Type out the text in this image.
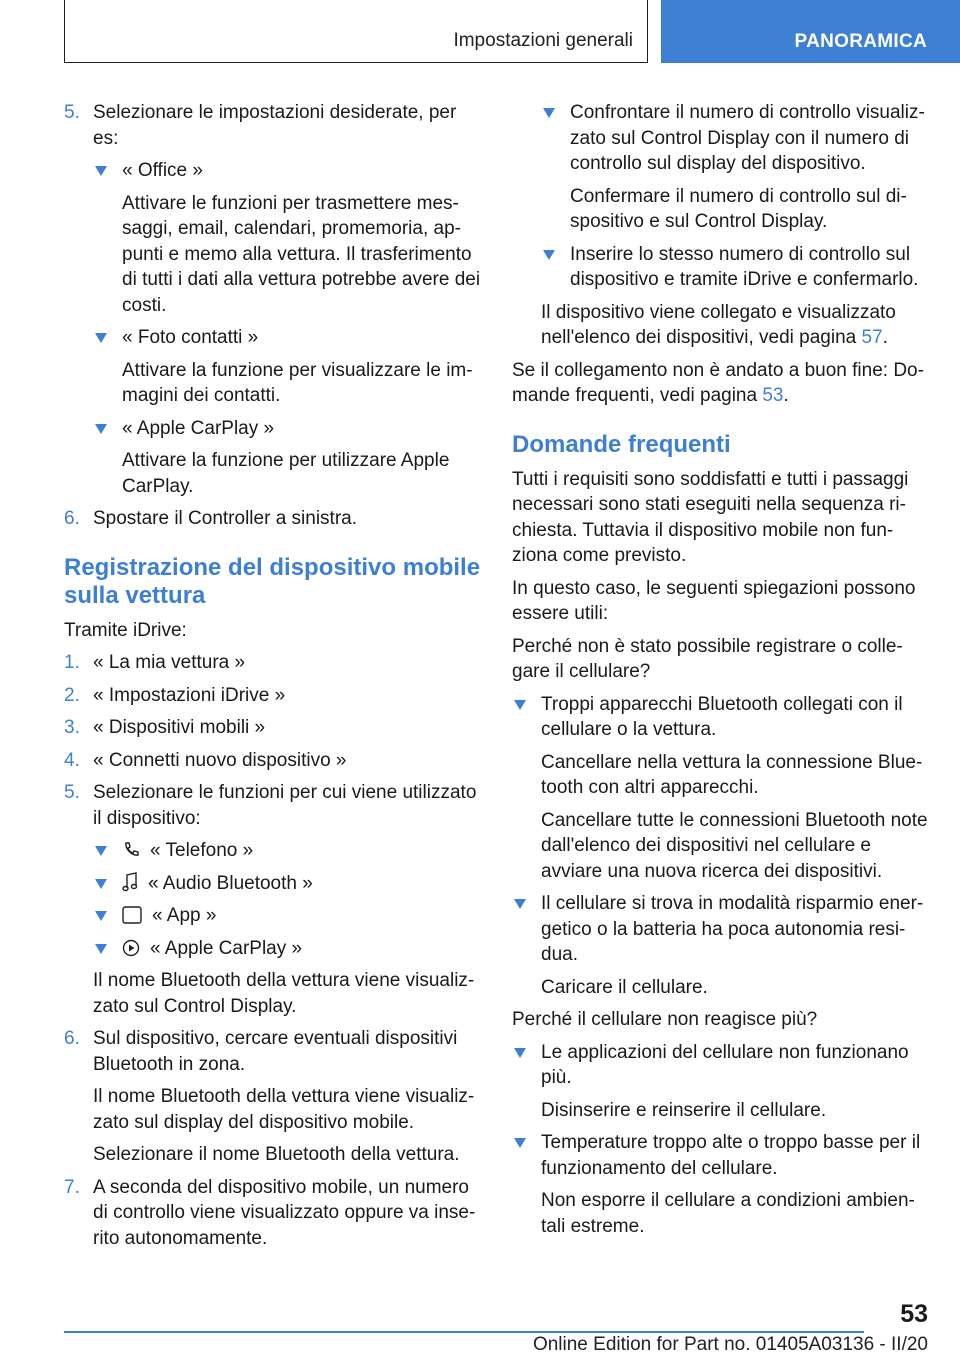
Impostazioni generali	PANORAMICA
5. Selezionare le impostazioni desiderate, per es:
« Office »
Attivare le funzioni per trasmettere mes-saggi, email, calendari, promemoria, ap-punti e memo alla vettura. Il trasferimento di tutti i dati alla vettura potrebbe avere dei costi.
« Foto contatti »
Attivare la funzione per visualizzare le im-magini dei contatti.
« Apple CarPlay »
Attivare la funzione per utilizzare Apple CarPlay.
6. Spostare il Controller a sinistra.
Registrazione del dispositivo mobile sulla vettura
Tramite iDrive:
1. « La mia vettura »
2. « Impostazioni iDrive »
3. « Dispositivi mobili »
4. « Connetti nuovo dispositivo »
5. Selezionare le funzioni per cui viene utilizzato il dispositivo:
« Telefono »
« Audio Bluetooth »
« App »
« Apple CarPlay »
Il nome Bluetooth della vettura viene visualiz-zato sul Control Display.
6. Sul dispositivo, cercare eventuali dispositivi Bluetooth in zona.
Il nome Bluetooth della vettura viene visualiz-zato sul display del dispositivo mobile.
Selezionare il nome Bluetooth della vettura.
7. A seconda del dispositivo mobile, un numero di controllo viene visualizzato oppure va inse-rito autonomamente.
Confrontare il numero di controllo visualiz-zato sul Control Display con il numero di controllo sul display del dispositivo.
Confermare il numero di controllo sul di-spositivo e sul Control Display.
Inserire lo stesso numero di controllo sul dispositivo e tramite iDrive e confermarlo.
Il dispositivo viene collegato e visualizzato nell'elenco dei dispositivi, vedi pagina 57.
Se il collegamento non è andato a buon fine: Do-mande frequenti, vedi pagina 53.
Domande frequenti
Tutti i requisiti sono soddisfatti e tutti i passaggi necessari sono stati eseguiti nella sequenza ri-chiesta. Tuttavia il dispositivo mobile non fun-ziona come previsto.
In questo caso, le seguenti spiegazioni possono essere utili:
Perché non è stato possibile registrare o colle-gare il cellulare?
Troppi apparecchi Bluetooth collegati con il cellulare o la vettura.
Cancellare nella vettura la connessione Blue-tooth con altri apparecchi.
Cancellare tutte le connessioni Bluetooth note dall'elenco dei dispositivi nel cellulare e avviare una nuova ricerca dei dispositivi.
Il cellulare si trova in modalità risparmio ener-getico o la batteria ha poca autonomia resi-dua.
Caricare il cellulare.
Perché il cellulare non reagisce più?
Le applicazioni del cellulare non funzionano più.
Disinserire e reinserire il cellulare.
Temperature troppo alte o troppo basse per il funzionamento del cellulare.
Non esporre il cellulare a condizioni ambien-tali estreme.
53
Online Edition for Part no. 01405A03136 - II/20
